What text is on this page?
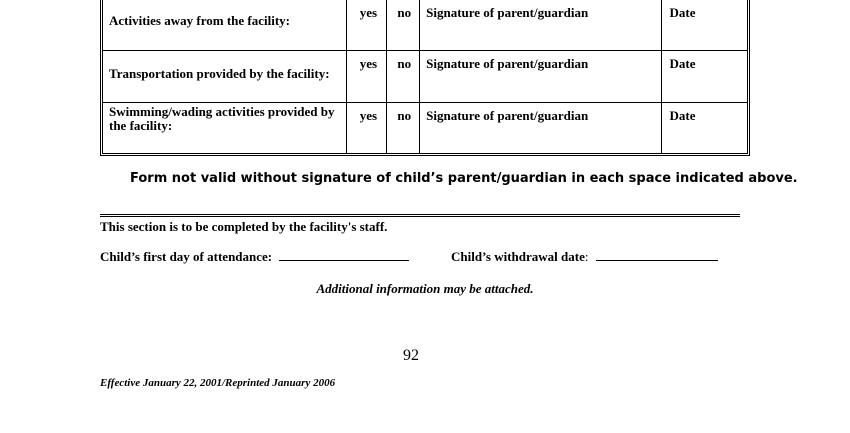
Activities away from the facility:	yes	no	Signature of parent/guardian	Date

Transportation provided by the facility:	yes	no	Signature of parent/guardian	Date

Swimming/wading activities provided by the facility:	yes	no	Signature of parent/guardian	Date
Form not valid without signature of child’s parent/guardian in each space indicated above.
This section is to be completed by the facility's staff.
Child’s first day of attendance:	Child’s withdrawal date:
Additional information may be attached.
92
Effective January 22, 2001/Reprinted January 2006
